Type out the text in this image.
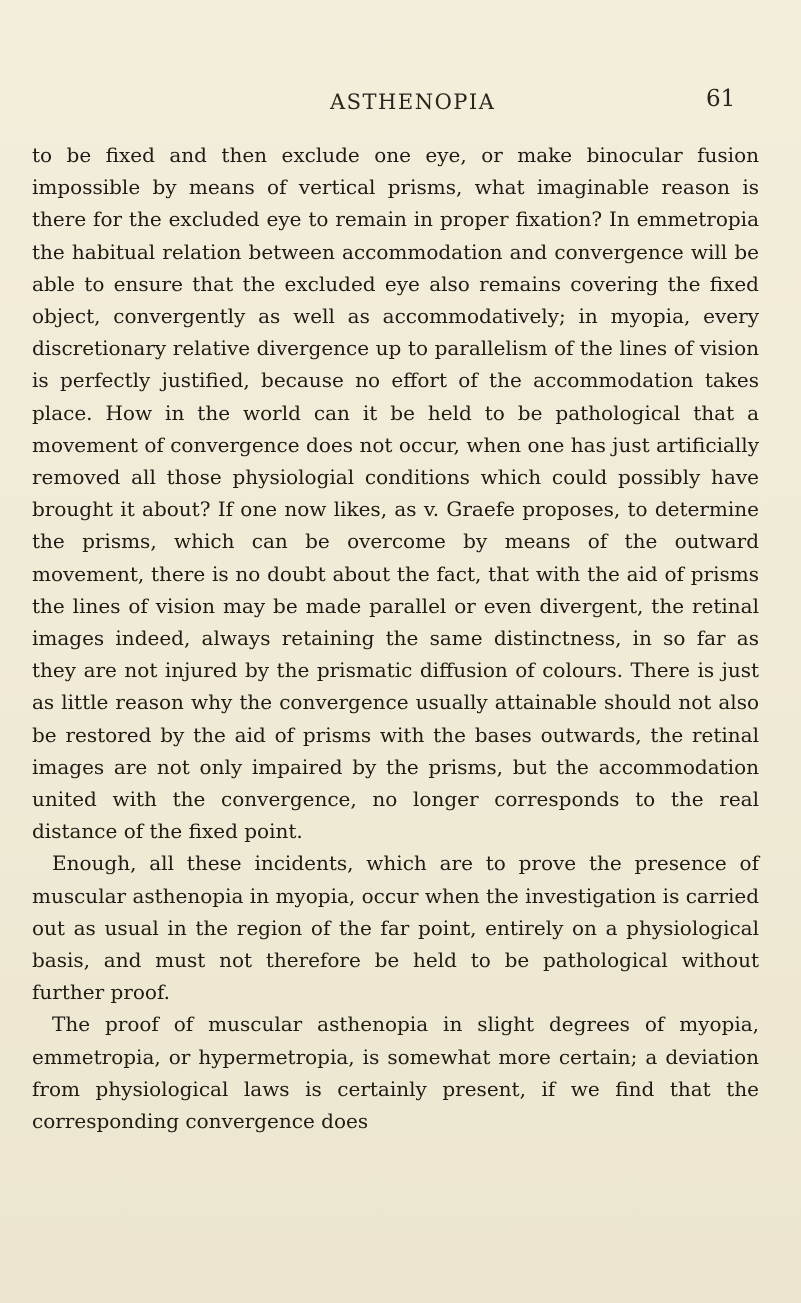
ASTHENOPIA	61

to be fixed and then exclude one eye, or make binocular fusion impossible by means of vertical prisms, what imaginable reason is there for the excluded eye to remain in proper fixation? In emmetropia the habitual relation between accommodation and convergence will be able to ensure that the excluded eye also remains covering the fixed object, convergently as well as accommodatively; in myopia, every discretionary relative divergence up to parallelism of the lines of vision is perfectly justified, because no effort of the accommodation takes place. How in the world can it be held to be pathological that a movement of convergence does not occur, when one has just artificially removed all those physiologial conditions which could possibly have brought it about? If one now likes, as v. Graefe proposes, to determine the prisms, which can be overcome by means of the outward movement, there is no doubt about the fact, that with the aid of prisms the lines of vision may be made parallel or even divergent, the retinal images indeed, always retaining the same distinctness, in so far as they are not injured by the prismatic diffusion of colours. There is just as little reason why the convergence usually attainable should not also be restored by the aid of prisms with the bases outwards, the retinal images are not only impaired by the prisms, but the accommodation united with the convergence, no longer corresponds to the real distance of the fixed point.

Enough, all these incidents, which are to prove the presence of muscular asthenopia in myopia, occur when the investigation is carried out as usual in the region of the far point, entirely on a physiological basis, and must not therefore be held to be pathological without further proof.

The proof of muscular asthenopia in slight degrees of myopia, emmetropia, or hypermetropia, is somewhat more certain; a deviation from physiological laws is certainly present, if we find that the corresponding convergence does
